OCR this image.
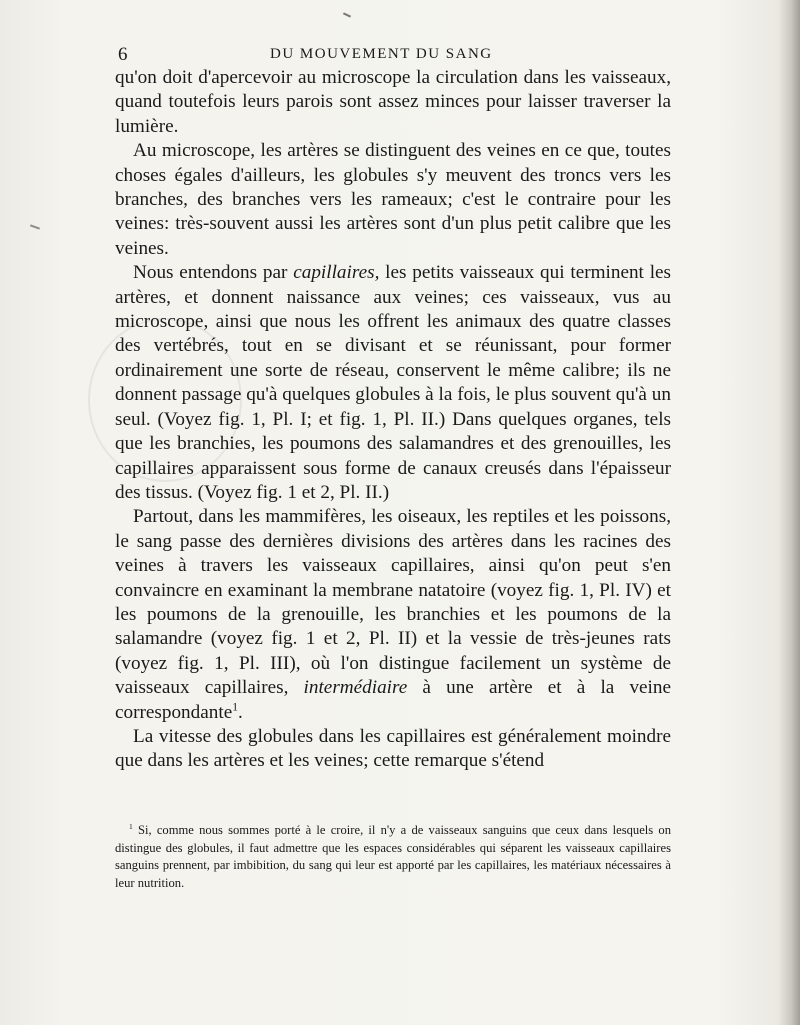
6	DU MOUVEMENT DU SANG

qu'on doit d'apercevoir au microscope la circulation dans les vaisseaux, quand toutefois leurs parois sont assez minces pour laisser traverser la lumière.

Au microscope, les artères se distinguent des veines en ce que, toutes choses égales d'ailleurs, les globules s'y meuvent des troncs vers les branches, des branches vers les rameaux; c'est le contraire pour les veines: très-souvent aussi les artères sont d'un plus petit calibre que les veines.

Nous entendons par capillaires, les petits vaisseaux qui terminent les artères, et donnent naissance aux veines; ces vaisseaux, vus au microscope, ainsi que nous les offrent les animaux des quatre classes des vertébrés, tout en se divisant et se réunissant, pour former ordinairement une sorte de réseau, conservent le même calibre; ils ne donnent passage qu'à quelques globules à la fois, le plus souvent qu'à un seul. (Voyez fig. 1, Pl. I; et fig. 1, Pl. II.) Dans quelques organes, tels que les branchies, les poumons des salamandres et des grenouilles, les capillaires apparaissent sous forme de canaux creusés dans l'épaisseur des tissus. (Voyez fig. 1 et 2, Pl. II.)

Partout, dans les mammifères, les oiseaux, les reptiles et les poissons, le sang passe des dernières divisions des artères dans les racines des veines à travers les vaisseaux capillaires, ainsi qu'on peut s'en convaincre en examinant la membrane natatoire (voyez fig. 1, Pl. IV) et les poumons de la grenouille, les branchies et les poumons de la salamandre (voyez fig. 1 et 2, Pl. II) et la vessie de très-jeunes rats (voyez fig. 1, Pl. III), où l'on distingue facilement un système de vaisseaux capillaires, intermédiaire à une artère et à la veine correspondante$^1$.

La vitesse des globules dans les capillaires est généralement moindre que dans les artères et les veines; cette remarque s'étend

$^1$ Si, comme nous sommes porté à le croire, il n'y a de vaisseaux sanguins que ceux dans lesquels on distingue des globules, il faut admettre que les espaces considérables qui séparent les vaisseaux capillaires sanguins prennent, par imbibition, du sang qui leur est apporté par les capillaires, les matériaux nécessaires à leur nutrition.
